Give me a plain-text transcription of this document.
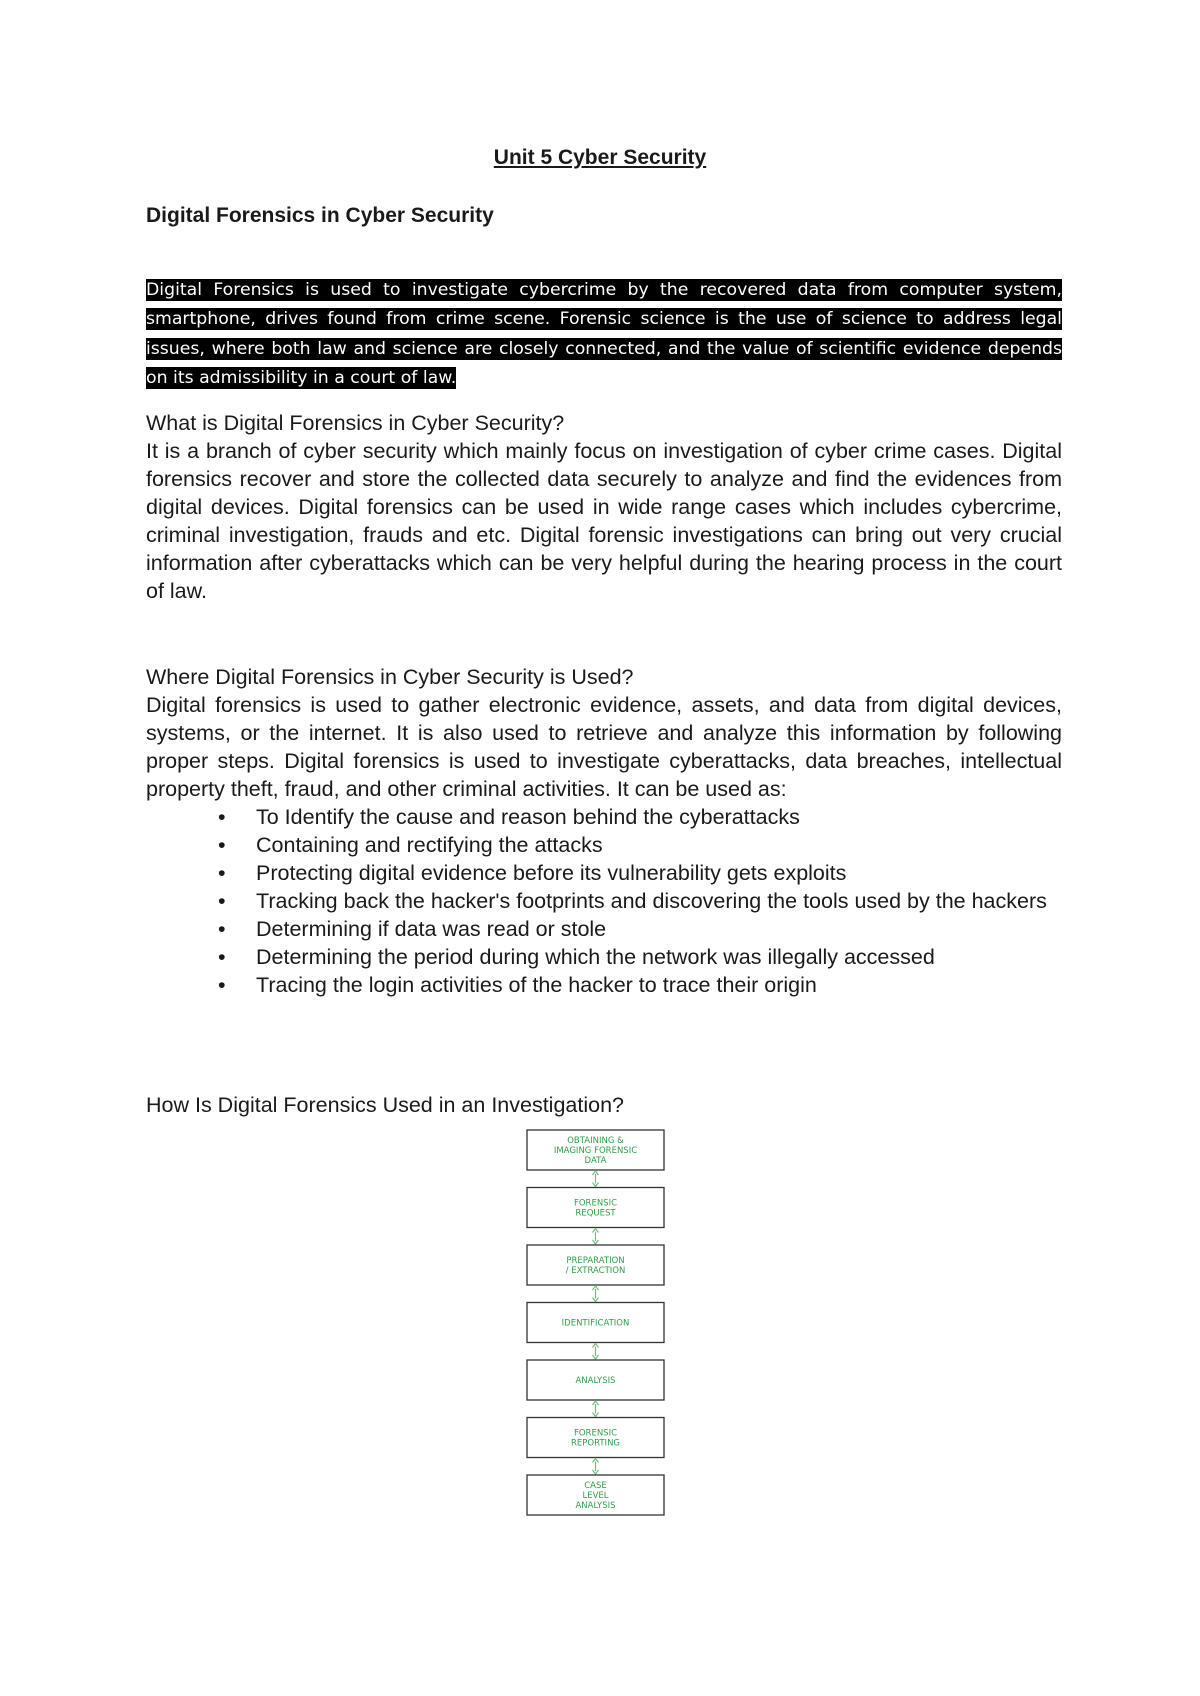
Unit 5 Cyber Security
Digital Forensics in Cyber Security
Digital Forensics is used to investigate cybercrime by the recovered data from computer system, smartphone, drives found from crime scene. Forensic science is the use of science to address legal issues, where both law and science are closely connected, and the value of scientific evidence depends on its admissibility in a court of law.

What is Digital Forensics in Cyber Security?

It is a branch of cyber security which mainly focus on investigation of cyber crime cases. Digital forensics recover and store the collected data securely to analyze and find the evidences from digital devices. Digital forensics can be used in wide range cases which includes cybercrime, criminal investigation, frauds and etc. Digital forensic investigations can bring out very crucial information after cyberattacks which can be very helpful during the hearing process in the court of law.

Where Digital Forensics in Cyber Security is Used?

Digital forensics is used to gather electronic evidence, assets, and data from digital devices, systems, or the internet. It is also used to retrieve and analyze this information by following proper steps. Digital forensics is used to investigate cyberattacks, data breaches, intellectual property theft, fraud, and other criminal activities. It can be used as:

• To Identify the cause and reason behind the cyberattacks
• Containing and rectifying the attacks
• Protecting digital evidence before its vulnerability gets exploits
• Tracking back the hacker's footprints and discovering the tools used by the hackers
• Determining if data was read or stole
• Determining the period during which the network was illegally accessed
• Tracing the login activities of the hacker to trace their origin

How Is Digital Forensics Used in an Investigation?

OBTAINING &
IMAGING FORENSIC
DATA
FORENSIC
REQUEST
PREPARATION
/ EXTRACTION
IDENTIFICATION
ANALYSIS
FORENSIC
REPORTING
CASE
LEVEL
ANALYSIS
